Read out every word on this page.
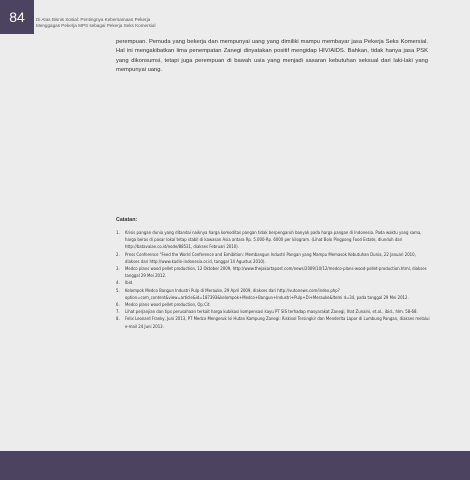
84 Di Atas Bisnis Sosial: Pentingnya Kebersamaan Pekerja
Menggagas Pekerja MPS sebagai Pekerja Seks Komersial

perempuan. Pemuda yang bekerja dan mempunyai uang yang dimiliki mampu membayar jasa Pekerja Seks Komersial. Hal ini mengakibatkan lima penempatan Zanegi dinyatakan positif mengidap HIV/AIDS. Bahkan, tidak hanya jasa PSK yang dikonsumsi, tetapi juga perempuan di bawah usia yang menjadi sasaran kebutuhan seksual dari laki-laki yang mempunyai uang.

Catatan:
1.	Krisis pangan dunia yang ditandai naiknya harga komoditas pangan tidak berpengaruh banyak pada harga pangan di Indonesia. Pada waktu yang sama, harga beras di pasar lokal tetap stabil di kawasan Asia antara Rp. 5.000-Rp. 6000 per kilogram. (Lihat Bolo Pingpong Food Estate, diunduh dari http://batavaiae.co.id/node/88531, diakses Februari 2010).
2.	Press Conference "Feed the World Conference and Exhibition: Membangun Industri Pangan yang Mampu Memasok Kebutuhan Dunia, 22 Januari 2010, diakses dari http://www.kadin-indonesia.or.id, tanggal 14 Agustus 2010).
3.	Medco plans wood pellet production, 12 Oktober 2009, http://www.thejakartapost.com/news/2009/10/12/medco-plans-wood-pellet-production.html, diakses tanggal 29 Mei 2012.
4.	Ibid.
5.	Kelompok Medco Bangun Industri Pulp di Merauke, 29 April 2009, diakses dari http://vutonews.com/index.php?option=com_content&view=article&id=187393&kelompok+Medco+Bangun+Industri+Pulp+Di+Merauke&Itemi d=34, pada tanggal 29 Mei 2012.
6.	Medco plans wood pellet production, Op.Cit.
7.	Lihat perjanjian dan tips perusahaan terkait harga kubikasi kompensasi kayu PT SIS terhadap masyarakat Zanegi, Ihat Zunaini, et.al., ibid., hlm. 58-68.
8.	Felix Leonard Franky, Juni 2013, PT Medco Mengeruk Isi Hutan Kampung Zanegi: Riskisol Tersingkir dan Menderita Lapar di Lumbung Pangan, diakses melalui e-mail 24 Juni 2013.
